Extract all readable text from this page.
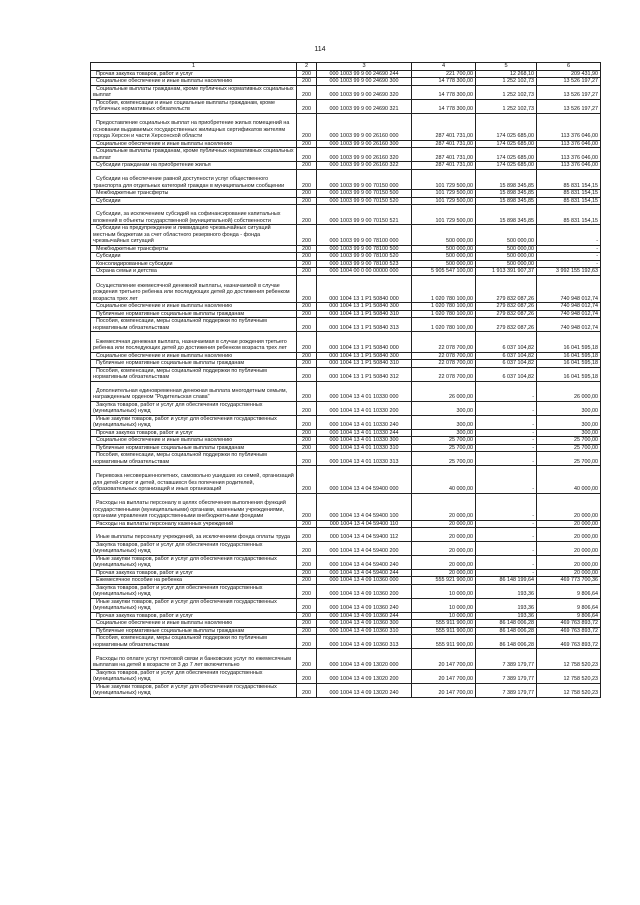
114
1	2	3	4	5	6
Прочая закупка товаров, работ и услуг	200	000 1003 99 9 00 24690 244	221 700,00	12 268,10	209 431,90
Социальное обеспечение и иные выплаты населению	200	000 1003 99 9 00 24690 300	14 778 300,00	1 252 102,73	13 526 197,27
Социальные выплаты гражданам, кроме публичных нормативных социальных выплат	200	000 1003 99 9 00 24690 320	14 778 300,00	1 252 102,73	13 526 197,27
Пособия, компенсации и иные социальные выплаты гражданам, кроме публичных нормативных обязательств	200	000 1003 99 9 00 24690 321	14 778 300,00	1 252 102,73	13 526 197,27
Предоставление социальных выплат на приобретение жилых помещений на основании выдаваемых государственных жилищных сертификатов жителям города Херсон и части Херсонской области	200	000 1003 99 9 00 26160 000	287 401 731,00	174 025 685,00	113 376 046,00
Социальное обеспечение и иные выплаты населению	200	000 1003 99 9 00 26160 300	287 401 731,00	174 025 685,00	113 376 046,00
Социальные выплаты гражданам, кроме публичных нормативных социальных выплат	200	000 1003 99 9 00 26160 320	287 401 731,00	174 025 685,00	113 376 046,00
Субсидии гражданам на приобретение жилья	200	000 1003 99 9 00 26160 322	287 401 731,00	174 025 685,00	113 376 046,00
Субсидии на обеспечение равной доступности услуг общественного транспорта для отдельных категорий граждан в муниципальном сообщении	200	000 1003 99 9 00 70150 000	101 729 500,00	15 898 345,85	85 831 154,15
Межбюджетные трансферты	200	000 1003 99 9 00 70150 500	101 729 500,00	15 898 345,85	85 831 154,15
Субсидии	200	000 1003 99 9 00 70150 520	101 729 500,00	15 898 345,85	85 831 154,15
Субсидии, за исключением субсидий на софинансирование капитальных вложений в объекты государственной (муниципальной) собственности	200	000 1003 99 9 00 70150 521	101 729 500,00	15 898 345,85	85 831 154,15
Субсидии на предупреждение и ликвидацию чрезвычайных ситуаций местным бюджетам за счет областного резервного фонда - фонда чрезвычайных ситуаций	200	000 1003 99 9 00 78100 000	500 000,00	500 000,00	-
Межбюджетные трансферты	200	000 1003 99 9 00 78100 500	500 000,00	500 000,00	-
Субсидии	200	000 1003 99 9 00 78100 520	500 000,00	500 000,00	-
Консолидированные субсидии	200	000 1003 99 9 00 78100 523	500 000,00	500 000,00	-
Охрана семьи и детства	200	000 1004 00 0 00 00000 000	5 905 547 100,00	1 913 391 907,37	3 992 155 192,63
Осуществление ежемесячной денежной выплаты, назначаемой в случае рождения третьего ребенка или последующих детей до достижения ребенком возраста трех лет	200	000 1004 13 1 P1 50840 000	1 020 780 100,00	279 832 087,26	740 948 012,74
Социальное обеспечение и иные выплаты населению	200	000 1004 13 1 P1 50840 300	1 020 780 100,00	279 832 087,26	740 948 012,74
Публичные нормативные социальные выплаты гражданам	200	000 1004 13 1 P1 50840 310	1 020 780 100,00	279 832 087,26	740 948 012,74
Пособия, компенсации, меры социальной поддержки по публичным нормативным обязательствам	200	000 1004 13 1 P1 50840 313	1 020 780 100,00	279 832 087,26	740 948 012,74
Ежемесячная денежная выплата, назначаемая в случае рождения третьего ребенка или последующих детей до достижения ребенком возраста трех лет	200	000 1004 13 1 P1 50840 000	22 078 700,00	6 037 104,82	16 041 595,18
Социальное обеспечение и иные выплаты населению	200	000 1004 13 1 P1 50840 300	22 078 700,00	6 037 104,82	16 041 595,18
Публичные нормативные социальные выплаты гражданам	200	000 1004 13 1 P1 50840 310	22 078 700,00	6 037 104,82	16 041 595,18
Пособия, компенсации, меры социальной поддержки по публичным нормативным обязательствам	200	000 1004 13 1 P1 50840 312	22 078 700,00	6 037 104,82	16 041 595,18
Дополнительная единовременная денежная выплата многодетным семьям, награжденным орденом "Родительская слава"	200	000 1004 13 4 01 10330 000	26 000,00	-	26 000,00
Закупка товаров, работ и услуг для обеспечения государственных (муниципальных) нужд	200	000 1004 13 4 01 10330 200	300,00	-	300,00
Иные закупки товаров, работ и услуг для обеспечения государственных (муниципальных) нужд	200	000 1004 13 4 01 10330 240	300,00	-	300,00
Прочая закупка товаров, работ и услуг	200	000 1004 13 4 01 10330 244	300,00	-	300,00
Социальное обеспечение и иные выплаты населению	200	000 1004 13 4 01 10330 300	25 700,00	-	25 700,00
Публичные нормативные социальные выплаты гражданам	200	000 1004 13 4 01 10330 310	25 700,00	-	25 700,00
Пособия, компенсации, меры социальной поддержки по публичным нормативным обязательствам	200	000 1004 13 4 01 10330 313	25 700,00	-	25 700,00
Перевозка несовершеннолетних, самовольно ушедших из семей, организаций для детей-сирот и детей, оставшихся без попечения родителей, образовательных организаций и иных организаций	200	000 1004 13 4 04 59400 000	40 000,00	-	40 000,00
Расходы на выплаты персоналу в целях обеспечения выполнения функций государственными (муниципальными) органами, казенными учреждениями, органами управления государственными внебюджетными фондами	200	000 1004 13 4 04 59400 100	20 000,00	-	20 000,00
Расходы на выплаты персоналу казенных учреждений	200	000 1004 13 4 04 59400 110	20 000,00	-	20 000,00
Иные выплаты персоналу учреждений, за исключением фонда оплаты труда	200	000 1004 13 4 04 59400 112	20 000,00	-	20 000,00
Закупка товаров, работ и услуг для обеспечения государственных (муниципальных) нужд	200	000 1004 13 4 04 59400 200	20 000,00	-	20 000,00
Иные закупки товаров, работ и услуг для обеспечения государственных (муниципальных) нужд	200	000 1004 13 4 04 59400 240	20 000,00	-	20 000,00
Прочая закупка товаров, работ и услуг	200	000 1004 13 4 04 59400 244	20 000,00	-	20 000,00
Ежемесячное пособие на ребенка	200	000 1004 13 4 09 10360 000	555 921 900,00	86 148 199,64	469 773 700,36
Закупка товаров, работ и услуг для обеспечения государственных (муниципальных) нужд	200	000 1004 13 4 09 10360 200	10 000,00	193,36	9 806,64
Иные закупки товаров, работ и услуг для обеспечения государственных (муниципальных) нужд	200	000 1004 13 4 09 10360 240	10 000,00	193,36	9 806,64
Прочая закупка товаров, работ и услуг	200	000 1004 13 4 09 10360 244	10 000,00	193,36	9 806,64
Социальное обеспечение и иные выплаты населению	200	000 1004 13 4 09 10360 300	555 911 900,00	86 148 006,28	469 763 893,72
Публичные нормативные социальные выплаты гражданам	200	000 1004 13 4 09 10360 310	555 911 900,00	86 148 006,28	469 763 893,72
Пособия, компенсации, меры социальной поддержки по публичным нормативным обязательствам	200	000 1004 13 4 09 10360 313	555 911 900,00	86 148 006,28	469 763 893,72
Расходы по оплате услуг почтовой связи и банковских услуг по ежемесячным выплатам на детей в возрасте от 3 до 7 лет включительно	200	000 1004 13 4 09 13020 000	20 147 700,00	7 389 179,77	12 758 520,23
Закупка товаров, работ и услуг для обеспечения государственных (муниципальных) нужд	200	000 1004 13 4 09 13020 200	20 147 700,00	7 389 179,77	12 758 520,23
Иные закупки товаров, работ и услуг для обеспечения государственных (муниципальных) нужд	200	000 1004 13 4 09 13020 240	20 147 700,00	7 389 179,77	12 758 520,23
